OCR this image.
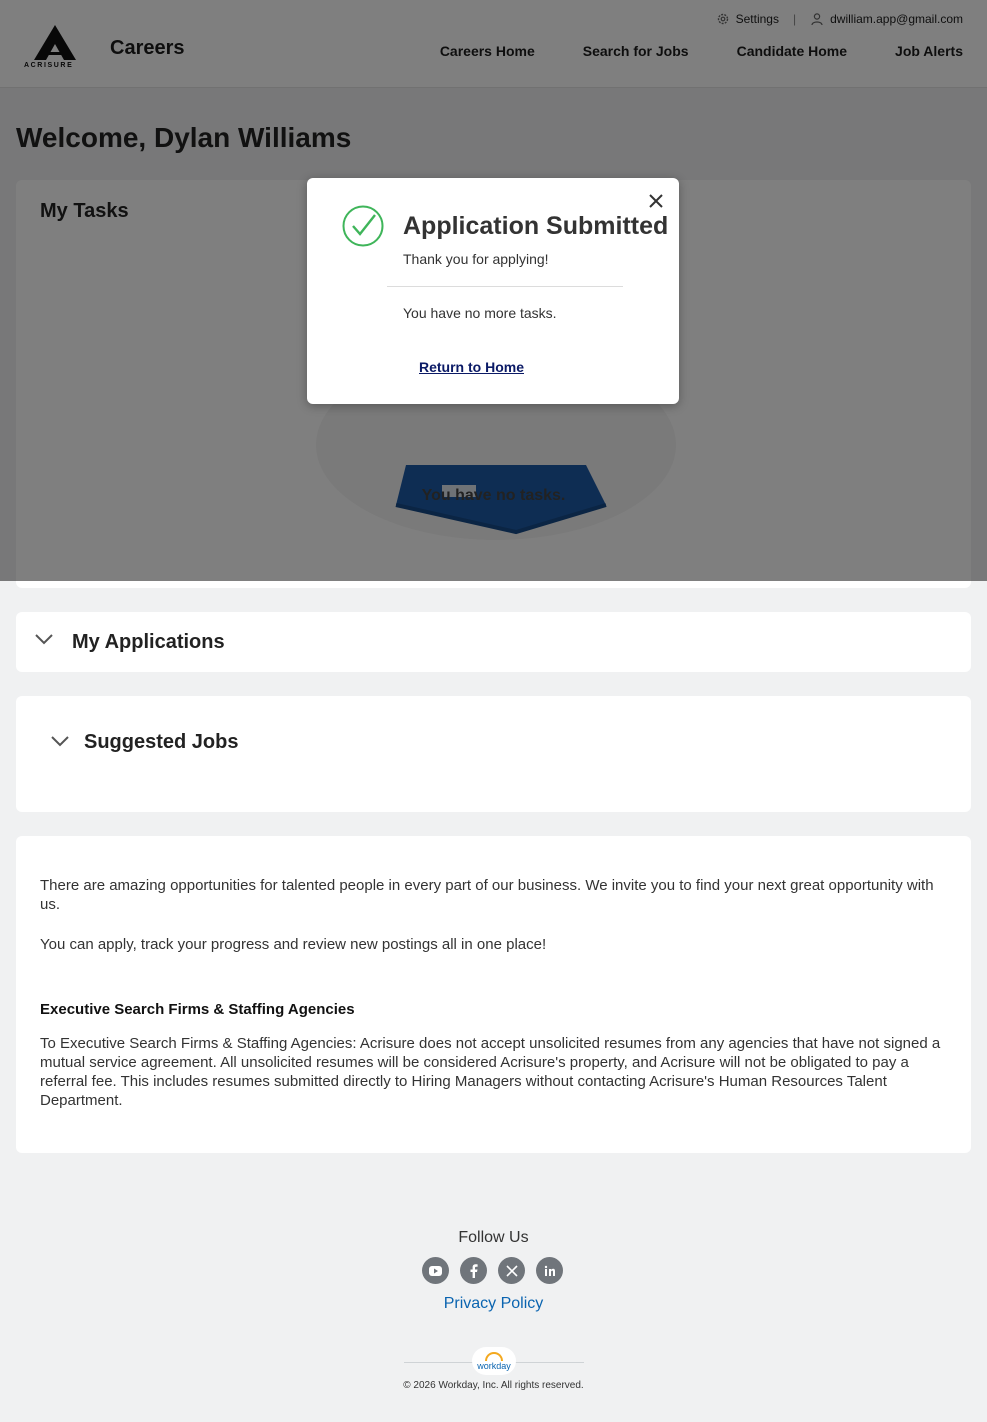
My Applications
Suggested Jobs

There are amazing opportunities for talented people in every part of our business. We invite you to find your next great opportunity with us.

You can apply, track your progress and review new postings all in one place!

Executive Search Firms & Staffing Agencies

To Executive Search Firms & Staffing Agencies: Acrisure does not accept unsolicited resumes from any agencies that have not signed a mutual service agreement. All unsolicited resumes will be considered Acrisure's property, and Acrisure will not be obligated to pay a referral fee. This includes resumes submitted directly to Hiring Managers without contacting Acrisure's Human Resources Talent Department.

Follow Us
Privacy Policy
workday
© 2026 Workday, Inc. All rights reserved.
Application Submitted
Thank you for applying!
You have no more tasks.
Return to Home
